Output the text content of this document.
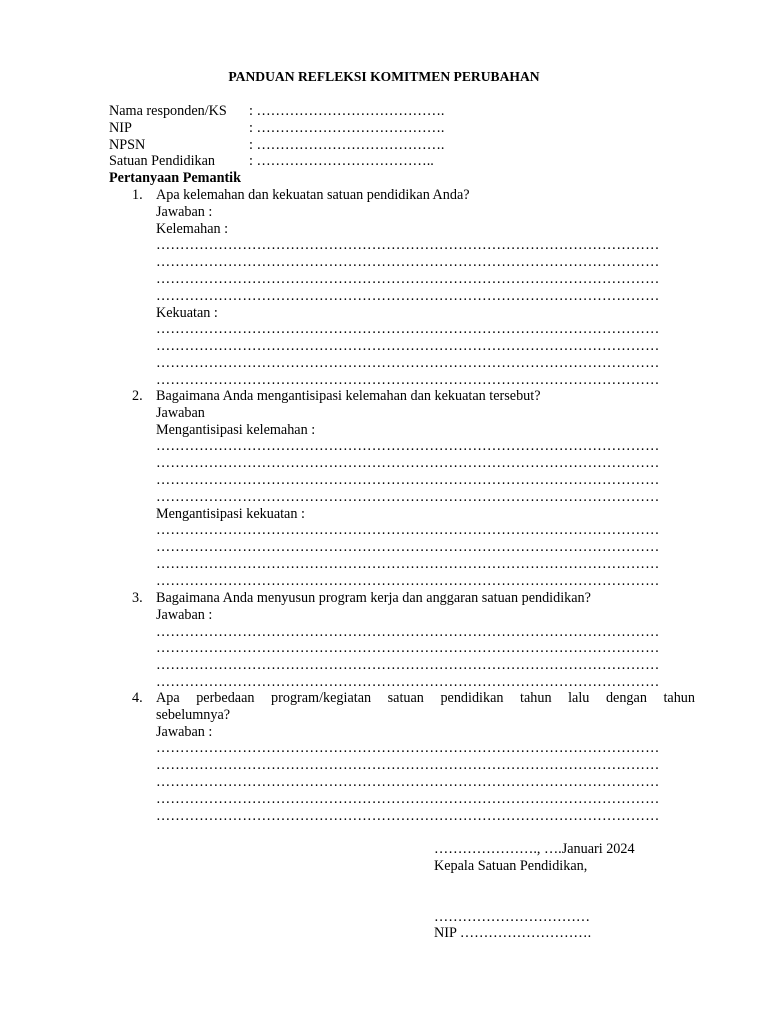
PANDUAN REFLEKSI KOMITMEN PERUBAHAN
Nama responden/KS	: ………………………………….
NIP	: ………………………………….
NPSN	: ………………………………….
Satuan Pendidikan	: ………………………………..
Pertanyaan Pemantik
1. Apa kelemahan dan kekuatan satuan pendidikan Anda?
Jawaban :
Kelemahan :
……………………………………………………………………………………………
……………………………………………………………………………………………
……………………………………………………………………………………………
……………………………………………………………………………………………
Kekuatan :
……………………………………………………………………………………………
……………………………………………………………………………………………
……………………………………………………………………………………………
……………………………………………………………………………………………
2. Bagaimana Anda mengantisipasi kelemahan dan kekuatan tersebut?
Jawaban
Mengantisipasi kelemahan :
……………………………………………………………………………………………
……………………………………………………………………………………………
……………………………………………………………………………………………
……………………………………………………………………………………………
Mengantisipasi kekuatan :
……………………………………………………………………………………………
……………………………………………………………………………………………
……………………………………………………………………………………………
……………………………………………………………………………………………
3. Bagaimana Anda menyusun program kerja dan anggaran satuan pendidikan?
Jawaban :
……………………………………………………………………………………………
……………………………………………………………………………………………
……………………………………………………………………………………………
……………………………………………………………………………………………
4. Apa perbedaan program/kegiatan satuan pendidikan tahun lalu dengan tahun
sebelumnya?
Jawaban :
……………………………………………………………………………………………
……………………………………………………………………………………………
……………………………………………………………………………………………
……………………………………………………………………………………………
……………………………………………………………………………………………
…………………., ….Januari 2024
Kepala Satuan Pendidikan,
……………………………
NIP ……………………….
